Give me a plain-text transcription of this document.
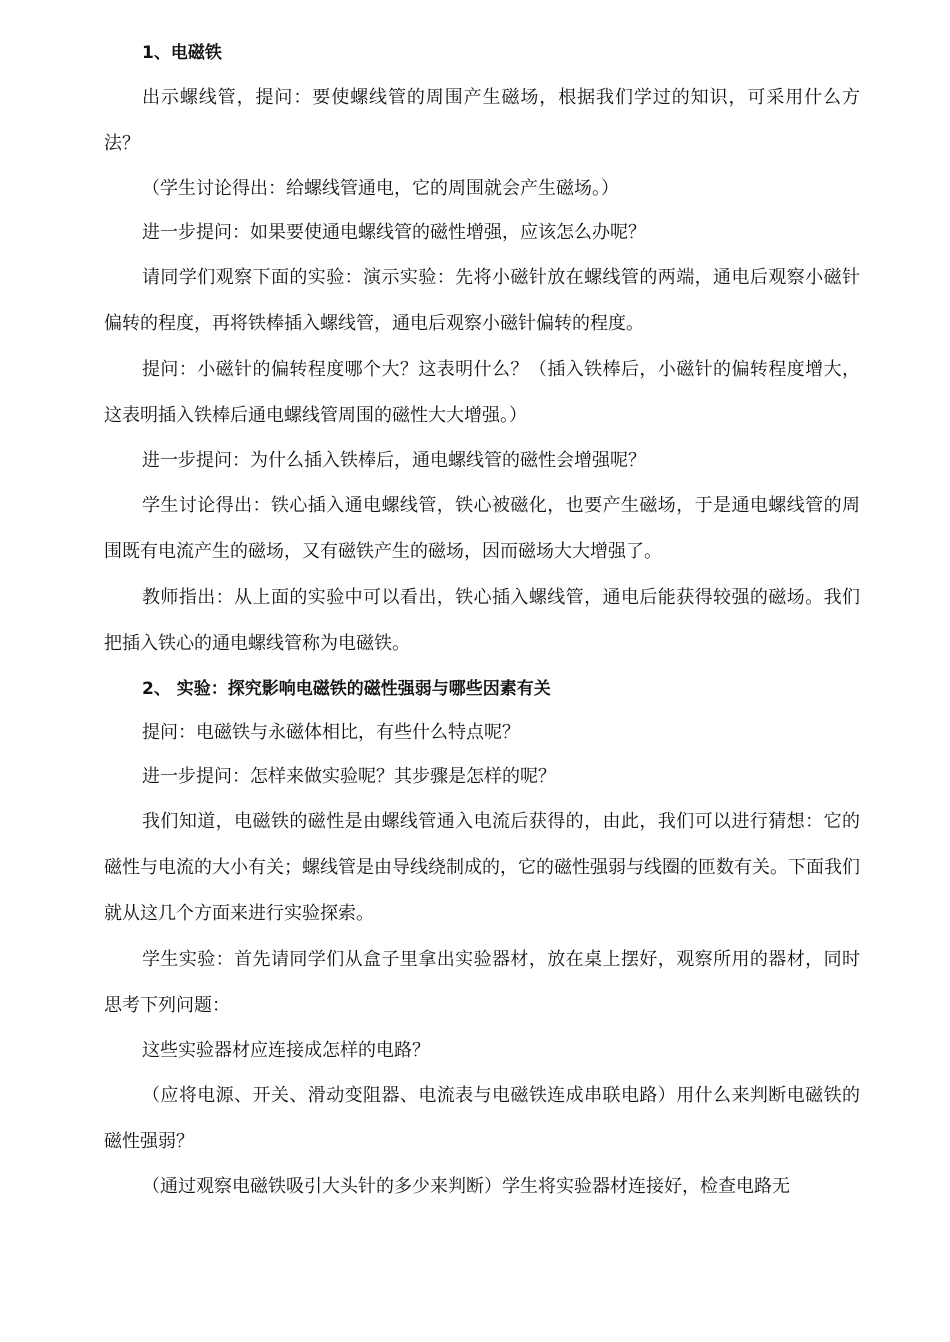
1、电磁铁

出示螺线管，提问：要使螺线管的周围产生磁场，根据我们学过的知识，可采用什么方法？

（学生讨论得出：给螺线管通电，它的周围就会产生磁场。）

进一步提问：如果要使通电螺线管的磁性增强，应该怎么办呢？

请同学们观察下面的实验：演示实验：先将小磁针放在螺线管的两端，通电后观察小磁针偏转的程度，再将铁棒插入螺线管，通电后观察小磁针偏转的程度。

提问：小磁针的偏转程度哪个大？这表明什么？（插入铁棒后，小磁针的偏转程度增大，这表明插入铁棒后通电螺线管周围的磁性大大增强。）

进一步提问：为什么插入铁棒后，通电螺线管的磁性会增强呢？

学生讨论得出：铁心插入通电螺线管，铁心被磁化，也要产生磁场，于是通电螺线管的周围既有电流产生的磁场，又有磁铁产生的磁场，因而磁场大大增强了。

教师指出：从上面的实验中可以看出，铁心插入螺线管，通电后能获得较强的磁场。我们把插入铁心的通电螺线管称为电磁铁。

2、 实验：探究影响电磁铁的磁性强弱与哪些因素有关

提问：电磁铁与永磁体相比，有些什么特点呢？

进一步提问：怎样来做实验呢？其步骤是怎样的呢？

我们知道，电磁铁的磁性是由螺线管通入电流后获得的，由此，我们可以进行猜想：它的磁性与电流的大小有关；螺线管是由导线绕制成的，它的磁性强弱与线圈的匝数有关。下面我们就从这几个方面来进行实验探索。

学生实验：首先请同学们从盒子里拿出实验器材，放在桌上摆好，观察所用的器材，同时思考下列问题：

这些实验器材应连接成怎样的电路？

（应将电源、开关、滑动变阻器、电流表与电磁铁连成串联电路）用什么来判断电磁铁的磁性强弱？

（通过观察电磁铁吸引大头针的多少来判断）学生将实验器材连接好，检查电路无
